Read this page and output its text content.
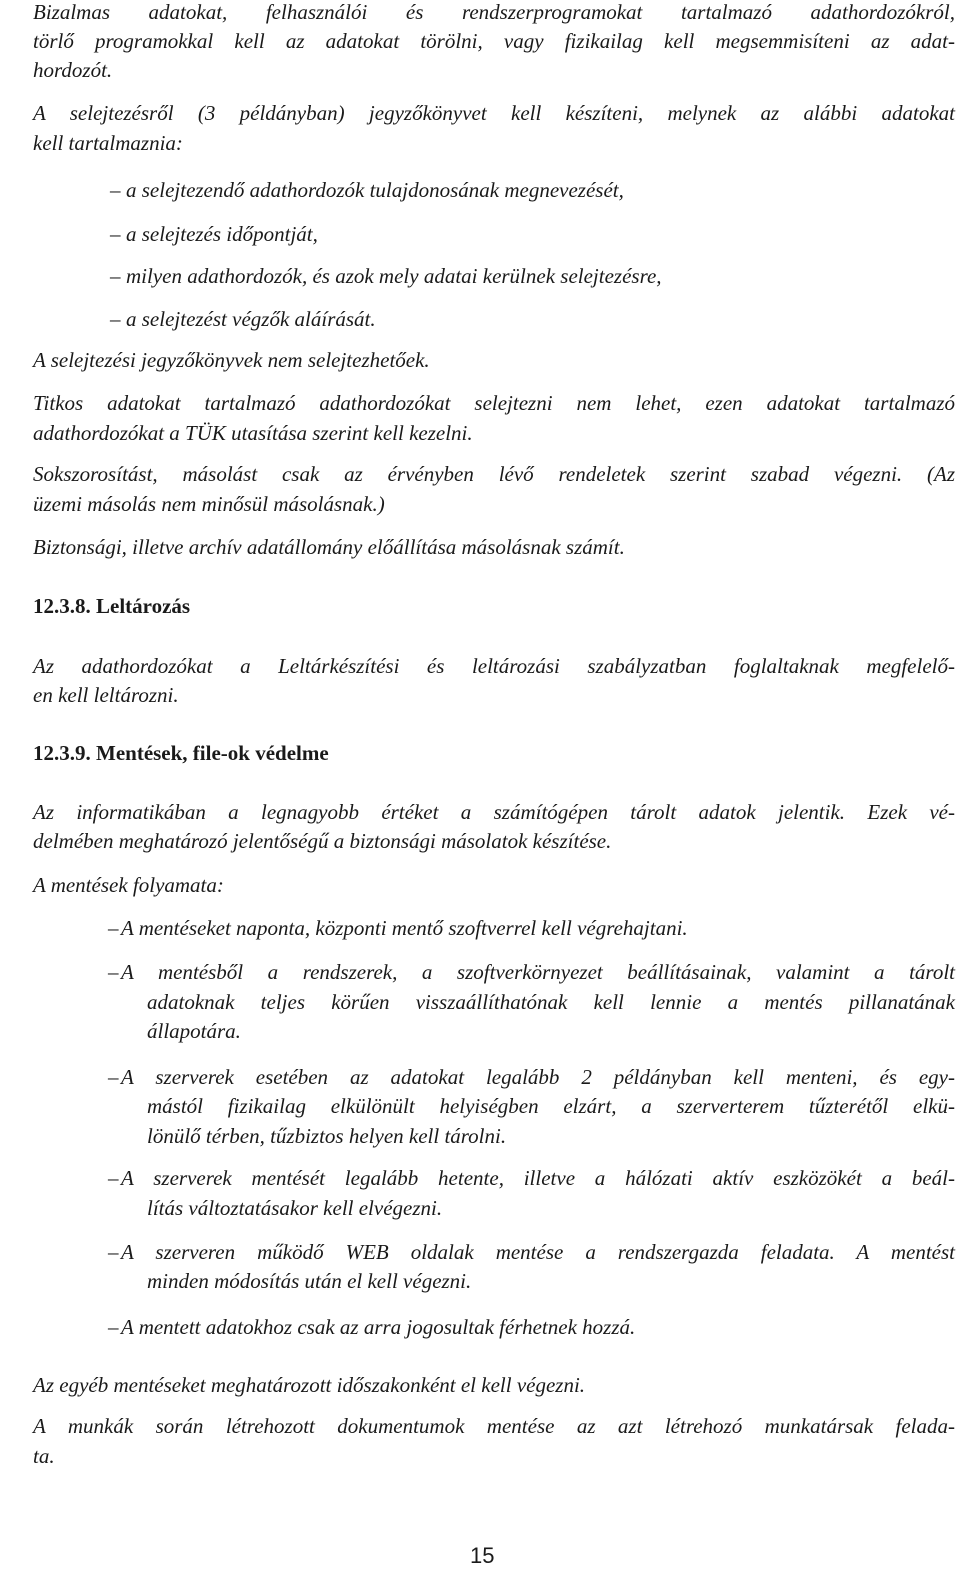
Bizalmas adatokat, felhasználói és rendszerprogramokat tartalmazó adathordozókról,
törlő programokkal kell az adatokat törölni, vagy fizikailag kell megsemmisíteni az adat-
hordozót.
A selejtezésről (3 példányban) jegyzőkönyvet kell készíteni, melynek az alábbi adatokat
kell tartalmaznia:
– a selejtezendő adathordozók tulajdonosának megnevezését,
– a selejtezés időpontját,
– milyen adathordozók, és azok mely adatai kerülnek selejtezésre,
– a selejtezést végzők aláírását.
A selejtezési jegyzőkönyvek nem selejtezhetőek.
Titkos adatokat tartalmazó adathordozókat selejtezni nem lehet, ezen adatokat tartalmazó
adathordozókat a TÜK utasítása szerint kell kezelni.
Sokszorosítást, másolást csak az érvényben lévő rendeletek szerint szabad végezni. (Az
üzemi másolás nem minősül másolásnak.)
Biztonsági, illetve archív adatállomány előállítása másolásnak számít.
12.3.8. Leltározás
Az adathordozókat a Leltárkészítési és leltározási szabályzatban foglaltaknak megfelelő-
en kell leltározni.
12.3.9. Mentések, file-ok védelme
Az informatikában a legnagyobb értéket a számítógépen tárolt adatok jelentik. Ezek vé-
delmében meghatározó jelentőségű a biztonsági másolatok készítése.
A mentések folyamata:
– A mentéseket naponta, központi mentő szoftverrel kell végrehajtani.
– A mentésből a rendszerek, a szoftverkörnyezet beállításainak, valamint a tárolt
adatoknak teljes körűen visszaállíthatónak kell lennie a mentés pillanatának
állapotára.
– A szerverek esetében az adatokat legalább 2 példányban kell menteni, és egy-
mástól fizikailag elkülönült helyiségben elzárt, a szerverterem tűzterétől elkü-
lönülő térben, tűzbiztos helyen kell tárolni.
– A szerverek mentését legalább hetente, illetve a hálózati aktív eszközökét a beál-
lítás változtatásakor kell elvégezni.
– A szerveren működő WEB oldalak mentése a rendszergazda feladata. A mentést
minden módosítás után el kell végezni.
– A mentett adatokhoz csak az arra jogosultak férhetnek hozzá.
Az egyéb mentéseket meghatározott időszakonként el kell végezni.
A munkák során létrehozott dokumentumok mentése az azt létrehozó munkatársak felada-
ta.
15
